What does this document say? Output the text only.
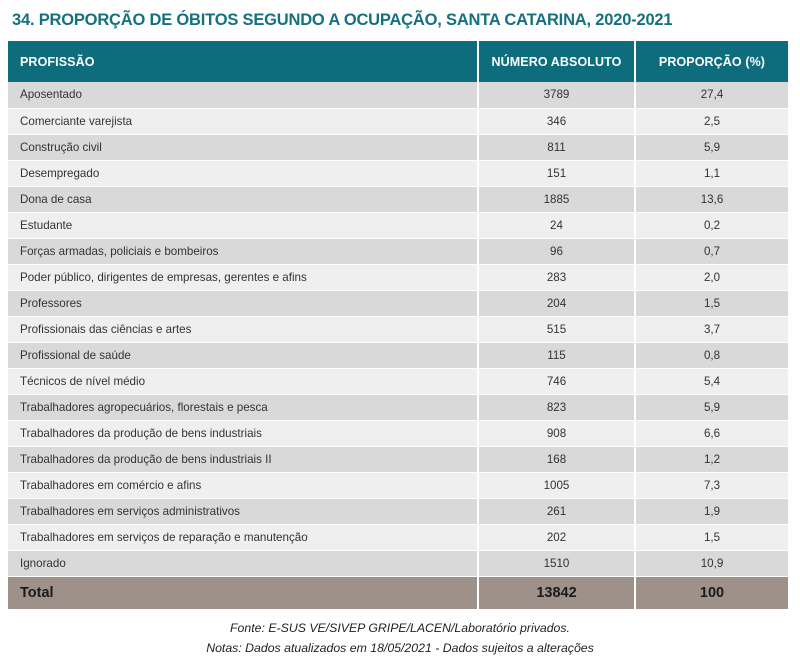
34. PROPORÇÃO DE ÓBITOS SEGUNDO A OCUPAÇÃO, SANTA CATARINA, 2020-2021
PROFISSÃO	NÚMERO ABSOLUTO	PROPORÇÃO (%)
Aposentado	3789	27,4
Comerciante varejista	346	2,5
Construção civil	811	5,9
Desempregado	151	1,1
Dona de casa	1885	13,6
Estudante	24	0,2
Forças armadas, policiais e bombeiros	96	0,7
Poder público, dirigentes de empresas, gerentes e afins	283	2,0
Professores	204	1,5
Profissionais das ciências e artes	515	3,7
Profissional de saúde	115	0,8
Técnicos de nível médio	746	5,4
Trabalhadores agropecuários, florestais e pesca	823	5,9
Trabalhadores da produção de bens industriais	908	6,6
Trabalhadores da produção de bens industriais II	168	1,2
Trabalhadores em comércio e afins	1005	7,3
Trabalhadores em serviços administrativos	261	1,9
Trabalhadores em serviços de reparação e manutenção	202	1,5
Ignorado	1510	10,9
Total	13842	100
Fonte: E-SUS VE/SIVEP GRIPE/LACEN/Laboratório privados.
Notas: Dados atualizados em 18/05/2021 - Dados sujeitos a alterações
